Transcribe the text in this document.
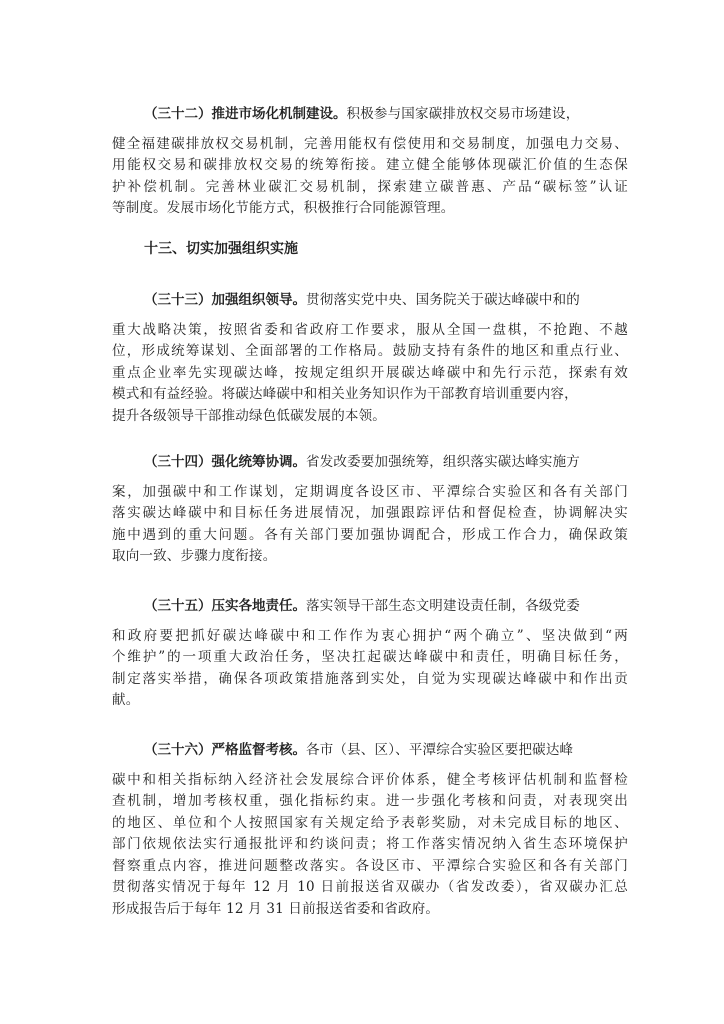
（三十二）推进市场化机制建设。积极参与国家碳排放权交易市场建设，
健全福建碳排放权交易机制，完善用能权有偿使用和交易制度，加强电力交易、
用能权交易和碳排放权交易的统筹衔接。建立健全能够体现碳汇价值的生态保
护补偿机制。完善林业碳汇交易机制，探索建立碳普惠、产品“碳标签”认证
等制度。发展市场化节能方式，积极推行合同能源管理。
十三、切实加强组织实施
（三十三）加强组织领导。贯彻落实党中央、国务院关于碳达峰碳中和的
重大战略决策，按照省委和省政府工作要求，服从全国一盘棋，不抢跑、不越
位，形成统筹谋划、全面部署的工作格局。鼓励支持有条件的地区和重点行业、
重点企业率先实现碳达峰，按规定组织开展碳达峰碳中和先行示范，探索有效
模式和有益经验。将碳达峰碳中和相关业务知识作为干部教育培训重要内容，
提升各级领导干部推动绿色低碳发展的本领。
（三十四）强化统筹协调。省发改委要加强统筹，组织落实碳达峰实施方
案，加强碳中和工作谋划，定期调度各设区市、平潭综合实验区和各有关部门
落实碳达峰碳中和目标任务进展情况，加强跟踪评估和督促检查，协调解决实
施中遇到的重大问题。各有关部门要加强协调配合，形成工作合力，确保政策
取向一致、步骤力度衔接。
（三十五）压实各地责任。落实领导干部生态文明建设责任制，各级党委
和政府要把抓好碳达峰碳中和工作作为衷心拥护“两个确立”、坚决做到“两
个维护”的一项重大政治任务，坚决扛起碳达峰碳中和责任，明确目标任务，
制定落实举措，确保各项政策措施落到实处，自觉为实现碳达峰碳中和作出贡
献。
（三十六）严格监督考核。各市（县、区）、平潭综合实验区要把碳达峰
碳中和相关指标纳入经济社会发展综合评价体系，健全考核评估机制和监督检
查机制，增加考核权重，强化指标约束。进一步强化考核和问责，对表现突出
的地区、单位和个人按照国家有关规定给予表彰奖励，对未完成目标的地区、
部门依规依法实行通报批评和约谈问责；将工作落实情况纳入省生态环境保护
督察重点内容，推进问题整改落实。各设区市、平潭综合实验区和各有关部门
贯彻落实情况于每年 12 月 10 日前报送省双碳办（省发改委），省双碳办汇总
形成报告后于每年 12 月 31 日前报送省委和省政府。
